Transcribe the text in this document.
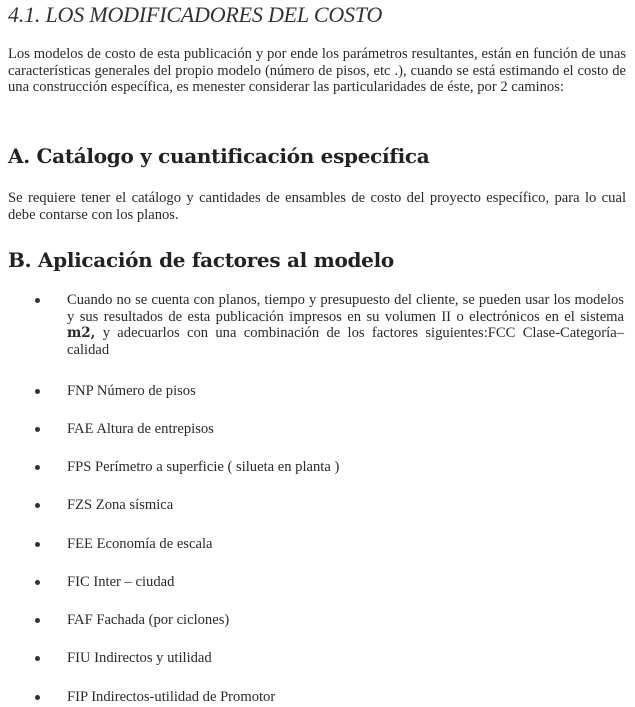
4.1. LOS MODIFICADORES DEL COSTO
Los modelos de costo de esta publicación y por ende los parámetros resultantes, están en función de unas características generales del propio modelo (número de pisos, etc .), cuando se está estimando el costo de una construcción específica, es menester considerar las particularidades de éste, por 2 caminos:
A. Catálogo y cuantificación específica
Se requiere tener el catálogo y cantidades de ensambles de costo del proyecto específico, para lo cual debe contarse con los planos.
B. Aplicación de factores al modelo
Cuando no se cuenta con planos, tiempo y presupuesto del cliente, se pueden usar los modelos y sus resultados de esta publicación impresos en su volumen II o electrónicos en el sistema m2, y adecuarlos con una combinación de los factores siguientes:FCC Clase-Categoría–calidad
FNP Número de pisos
FAE Altura de entrepisos
FPS Perímetro a superficie ( silueta en planta )
FZS Zona sísmica
FEE Economía de escala
FIC Inter – ciudad
FAF Fachada (por ciclones)
FIU Indirectos y utilidad
FIP Indirectos-utilidad de Promotor
